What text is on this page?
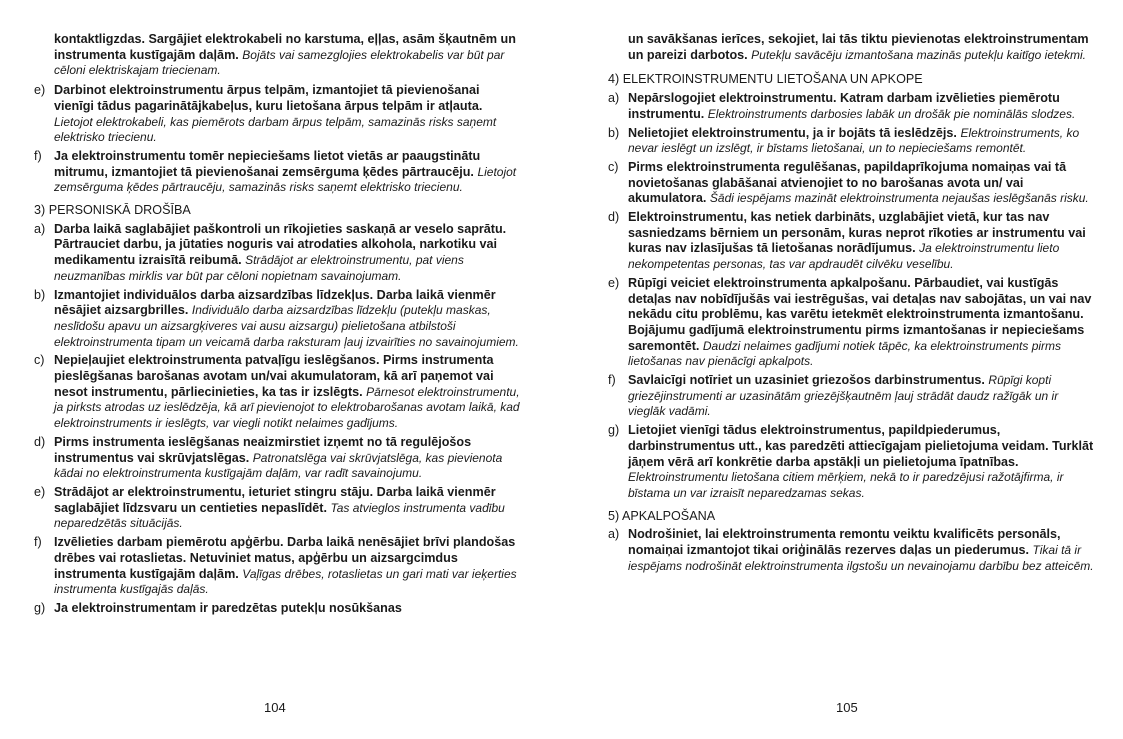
kontaktligzdas. Sargājiet elektrokabeli no karstuma, eļļas, asām šķautnēm un instrumenta kustīgajām daļām. Bojāts vai samezglojies elektrokabelis var būt par cēloni elektriskajam triecienam.
e) Darbinot elektroinstrumentu ārpus telpām, izmantojiet tā pievienošanai vienīgi tādus pagarinātājkabeļus, kuru lietošana ārpus telpām ir atļauta. Lietojot elektrokabeli, kas piemērots darbam ārpus telpām, samazinās risks saņemt elektrisko triecienu.
f) Ja elektroinstrumentu tomēr nepieciešams lietot vietās ar paaugstinātu mitrumu, izmantojiet tā pievienošanai zemsērguma ķēdes pārtraucēju. Lietojot zemsērguma ķēdes pārtraucēju, samazinās risks saņemt elektrisko triecienu.
3) PERSONISKĀ DROŠĪBA
a) Darba laikā saglabājiet paškontroli un rīkojieties saskaņā ar veselo saprātu. Pārtrauciet darbu, ja jūtaties noguris vai atrodaties alkohola, narkotiku vai medikamentu izraisītā reibumā. Strādājot ar elektroinstrumentu, pat viens neuzmanības mirklis var būt par cēloni nopietnam savainojumam.
b) Izmantojiet individuālos darba aizsardzības līdzekļus. Darba laikā vienmēr nēsājiet aizsargbrilles. Individuālo darba aizsardzības līdzekļu (putekļu maskas, neslīdošu apavu un aizsargķiveres vai ausu aizsargu) pielietošana atbilstoši elektroinstrumenta tipam un veicamā darba raksturam ļauj izvairīties no savainojumiem.
c) Nepieļaujiet elektroinstrumenta patvaļīgu ieslēgšanos. Pirms instrumenta pieslēgšanas barošanas avotam un/vai akumulatoram, kā arī paņemot vai nesot instrumentu, pārliecinieties, ka tas ir izslēgts. Pārnesot elektroinstrumentu, ja pirksts atrodas uz ieslēdzēja, kā arī pievienojot to elektrobarošanas avotam laikā, kad elektroinstruments ir ieslēgts, var viegli notikt nelaimes gadījums.
d) Pirms instrumenta ieslēgšanas neaizmirstiet izņemt no tā regulējošos instrumentus vai skrūvjatslēgas. Patronatslēga vai skrūvjatslēga, kas pievienota kādai no elektroinstrumenta kustīgajām daļām, var radīt savainojumu.
e) Strādājot ar elektroinstrumentu, ieturiet stingru stāju. Darba laikā vienmēr saglabājiet līdzsvaru un centieties nepaslīdēt. Tas atvieglos instrumenta vadību neparedzētās situācijās.
f) Izvēlieties darbam piemērotu apģērbu. Darba laikā nenēsājiet brīvi plandošas drēbes vai rotaslietas. Netuviniet matus, apģērbu un aizsargcimdus instrumenta kustīgajām daļām. Vaļīgas drēbes, rotaslietas un gari mati var ieķerties instrumenta kustīgajās daļās.
g) Ja elektroinstrumentam ir paredzētas putekļu nosūkšanas
un savākšanas ierīces, sekojiet, lai tās tiktu pievienotas elektroinstrumentam un pareizi darbotos. Putekļu savācēju izmantošana mazinās putekļu kaitīgo ietekmi.
4) ELEKTROINSTRUMENTU LIETOŠANA UN APKOPE
a) Nepārslogojiet elektroinstrumentu. Katram darbam izvēlieties piemērotu instrumentu. Elektroinstruments darbosies labāk un drošāk pie nominālās slodzes.
b) Nelietojiet elektroinstrumentu, ja ir bojāts tā ieslēdzējs. Elektroinstruments, ko nevar ieslēgt un izslēgt, ir bīstams lietošanai, un to nepieciešams remontēt.
c) Pirms elektroinstrumenta regulēšanas, papildaprīkojuma nomaiņas vai tā novietošanas glabāšanai atvienojiet to no barošanas avota un/ vai akumulatora. Šādi iespējams mazināt elektroinstrumenta nejaušas ieslēgšanās risku.
d) Elektroinstrumentu, kas netiek darbināts, uzglabājiet vietā, kur tas nav sasniedzams bērniem un personām, kuras neprot rīkoties ar instrumentu vai kuras nav izlasījušas tā lietošanas norādījumus. Ja elektroinstrumentu lieto nekompetentas personas, tas var apdraudēt cilvēku veselību.
e) Rūpīgi veiciet elektroinstrumenta apkalpošanu. Pārbaudiet, vai kustīgās detaļas nav nobīdījušās vai iestrēgušas, vai detaļas nav sabojātas, un vai nav nekādu citu problēmu, kas varētu ietekmēt elektroinstrumenta izmantošanu. Bojājumu gadījumā elektroinstrumentu pirms izmantošanas ir nepieciešams saremontēt. Daudzi nelaimes gadījumi notiek tāpēc, ka elektroinstruments pirms lietošanas nav pienācīgi apkalpots.
f) Savlaicīgi notīriet un uzasiniet griezošos darbinstrumentus. Rūpīgi kopti griezējinstrumenti ar uzasinātām griezējšķautnēm ļauj strādāt daudz ražīgāk un ir vieglāk vadāmi.
g) Lietojiet vienīgi tādus elektroinstrumentus, papildpiederumus, darbinstrumentus utt., kas paredzēti attiecīgajam pielietojuma veidam. Turklāt jāņem vērā arī konkrētie darba apstākļi un pielietojuma īpatnības. Elektroinstrumentu lietošana citiem mērķiem, nekā to ir paredzējusi ražotājfirma, ir bīstama un var izraisīt neparedzamas sekas.
5) APKALPOŠANA
a) Nodrošiniet, lai elektroinstrumenta remontu veiktu kvalificēts personāls, nomaiņai izmantojot tikai oriģinālās rezerves daļas un piederumus. Tikai tā ir iespējams nodrošināt elektroinstrumenta ilgstošu un nevainojamu darbību bez atteicēm.
104	105
